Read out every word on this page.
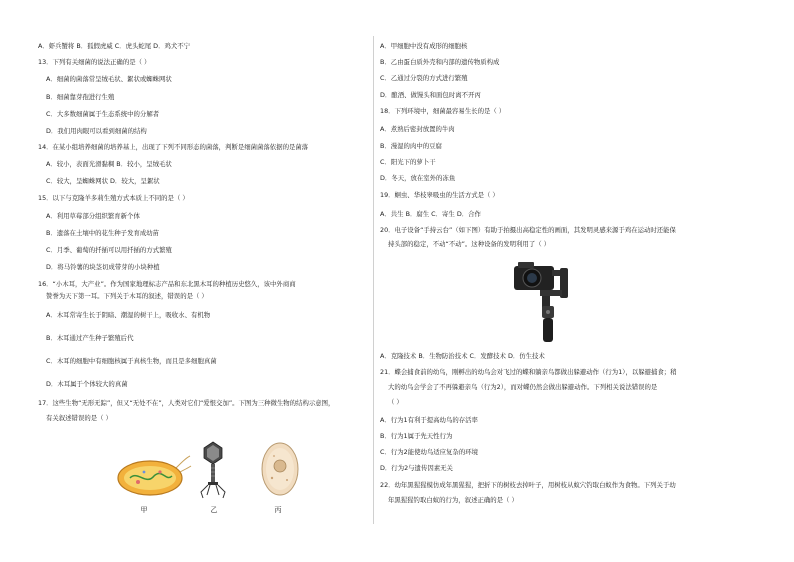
A．虾兵蟹将 B．狐假虎威 C．虎头蛇尾 D．鸡犬不宁
13．下列有关细菌的说法正确的是（ ）
A．细菌的菌落常呈绒毛状、絮状或蜘蛛网状
B．细菌靠芽孢进行生殖
C．大多数细菌属于生态系统中的分解者
D．我们用肉眼可以看到细菌的结构
14．在某小组培养细菌的培养基上，出现了下列不同形态的菌落，判断是细菌菌落依据的是菌落
A．较小，表面光滑黏稠 B．较小，呈绒毛状
C．较大，呈蜘蛛网状 D．较大，呈絮状
15．以下与克隆羊多莉生殖方式本质上不同的是（ ）
A．利用草莓部分组织繁育新个体
B．遗落在土壤中的花生种子发育成幼苗
C．月季、葡萄的扦插可以用扦插的方式繁殖
D．将马铃薯的块茎切成带芽的小块种植
16．“小木耳，大产业”。作为国家地理标志产品和东北黑木耳的种植历史悠久，该中外商商
赞誉为天下第一耳。下列关于木耳的叙述，错误的是（ ）
A．木耳常寄生长于阴暗、潮湿的树干上，吸收水、有机物
B．木耳通过产生种子繁殖后代
C．木耳的细胞中有细胞核属于真核生物，而且是多细胞真菌
D．木耳属于个体较大的真菌
17．这些生物“无形无踪”，但又“无处不在”，人类对它们“爱恨交加”。下图为三种微生物的结构示意图，
有关叙述错误的是（ ）
甲	乙	丙
A．甲细胞中没有成形的细胞核
B．乙由蛋白质外壳和内部的遗传物质构成
C．乙通过分裂的方式进行繁殖
D．酿酒、做馒头和面包时离不开丙
18．下列环境中，细菌最容易生长的是（ ）
A．煮熟后密封放置的牛肉
B．漫湿的肉中的豆腐
C．阳光下的萝卜干
D．冬天，放在室外的冻鱼
19．蛔虫、华枝睾吸虫的生活方式是（ ）
A．共生 B．腐生 C．寄生 D．合作
20．电子设备“手持云台”（如下图）有助于拍摄出高稳定性的画面，其发明灵感来源于鸡在运动时还能保
持头部的稳定，不动“不动”。这种设备的发明利用了（ ）
A．克隆技术 B．生物防治技术 C．发酵技术 D．仿生技术
21．蝶会捕食前的幼鸟，刚孵出的幼鸟会对飞过的蝶和躺亲鸟都做出躲避动作（行为1），以躲避捕食；稍
大的幼鸟会学会了不再躲避亲鸟（行为2），而对蝶仍然会做出躲避动作。下列相关说法错误的是
（ ）
A．行为1有利于提高幼鸟的存活率
B．行为1属于先天性行为
C．行为2能使幼鸟适应复杂的环境
D．行为2与遗传因素无关
22．幼年黑猩猩模仿成年黑猩猩，把折下的树枝去掉叶子，用树枝从蚁穴钓取白蚁作为食物。下列关于幼
年黑猩猩钓取白蚁的行为，叙述正确的是（ ）
